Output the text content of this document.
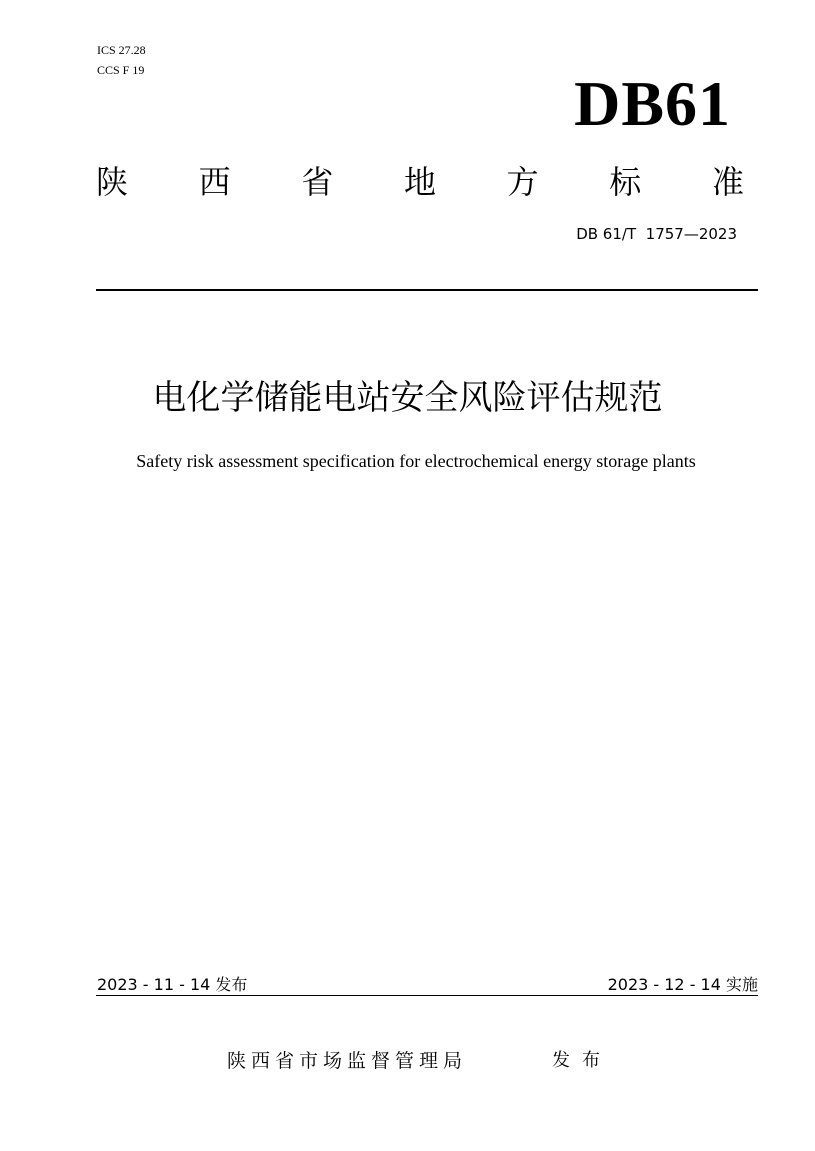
ICS 27.28
CCS F 19	DB61
陕 西 省 地 方 标 准
DB 61/T  1757—2023
电化学储能电站安全风险评估规范
Safety risk assessment specification for electrochemical energy storage plants
2023 - 11 - 14 发布	2023 - 12 - 14 实施
陕西省市场监督管理局	发布
